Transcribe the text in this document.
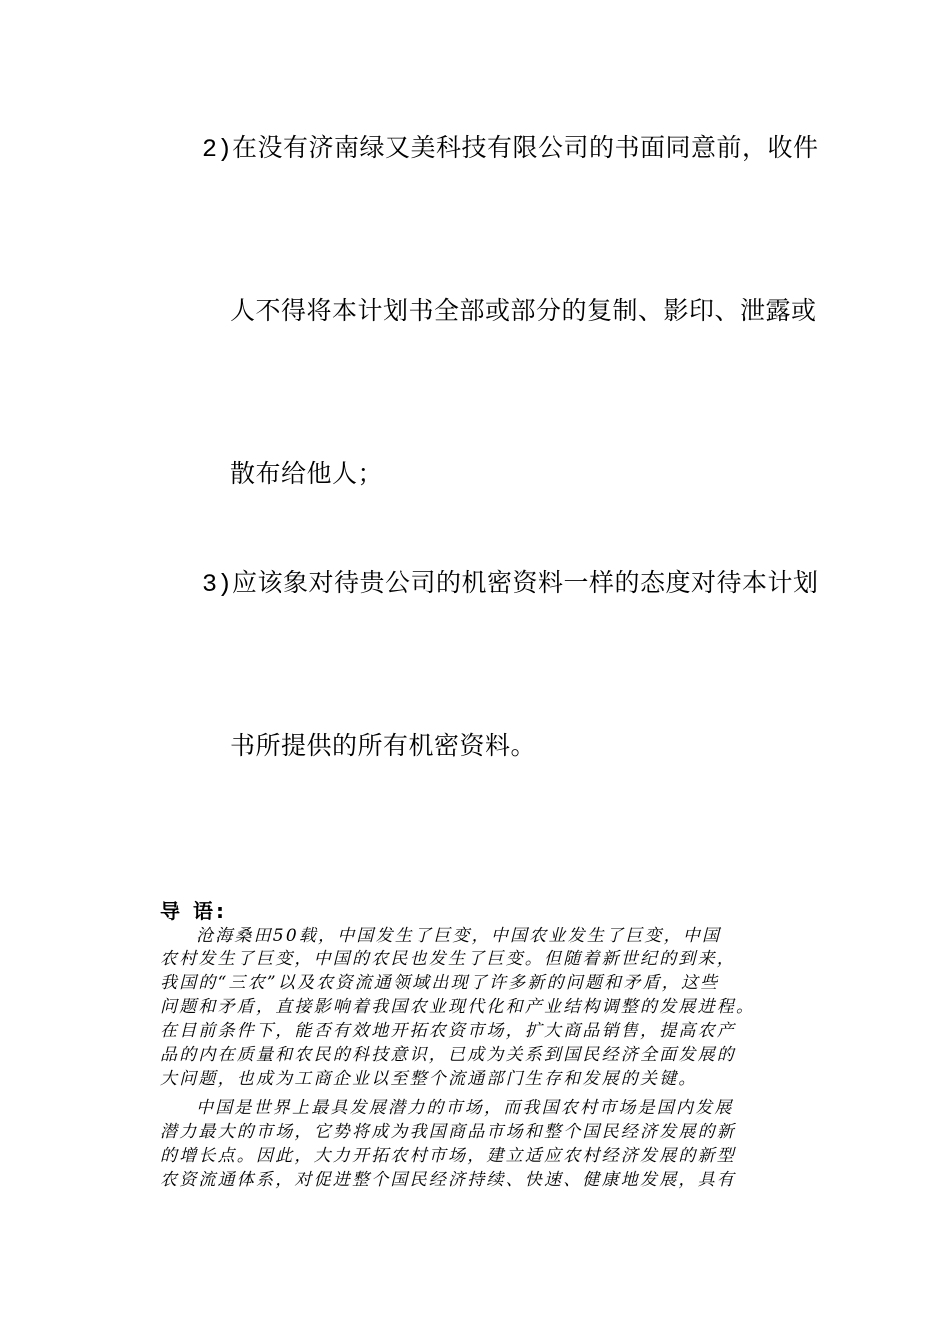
2)在没有济南绿又美科技有限公司的书面同意前，收件
人不得将本计划书全部或部分的复制、影印、泄露或
散布给他人；
3)应该象对待贵公司的机密资料一样的态度对待本计划
书所提供的所有机密资料。
导 语:
沧海桑田50载，中国发生了巨变，中国农业发生了巨变，中国
农村发生了巨变，中国的农民也发生了巨变。但随着新世纪的到来，
我国的“三农”以及农资流通领域出现了许多新的问题和矛盾，这些
问题和矛盾，直接影响着我国农业现代化和产业结构调整的发展进程。
在目前条件下，能否有效地开拓农资市场，扩大商品销售，提高农产
品的内在质量和农民的科技意识，已成为关系到国民经济全面发展的
大问题，也成为工商企业以至整个流通部门生存和发展的关键。
中国是世界上最具发展潜力的市场，而我国农村市场是国内发展
潜力最大的市场，它势将成为我国商品市场和整个国民经济发展的新
的增长点。因此，大力开拓农村市场，建立适应农村经济发展的新型
农资流通体系，对促进整个国民经济持续、快速、健康地发展，具有
